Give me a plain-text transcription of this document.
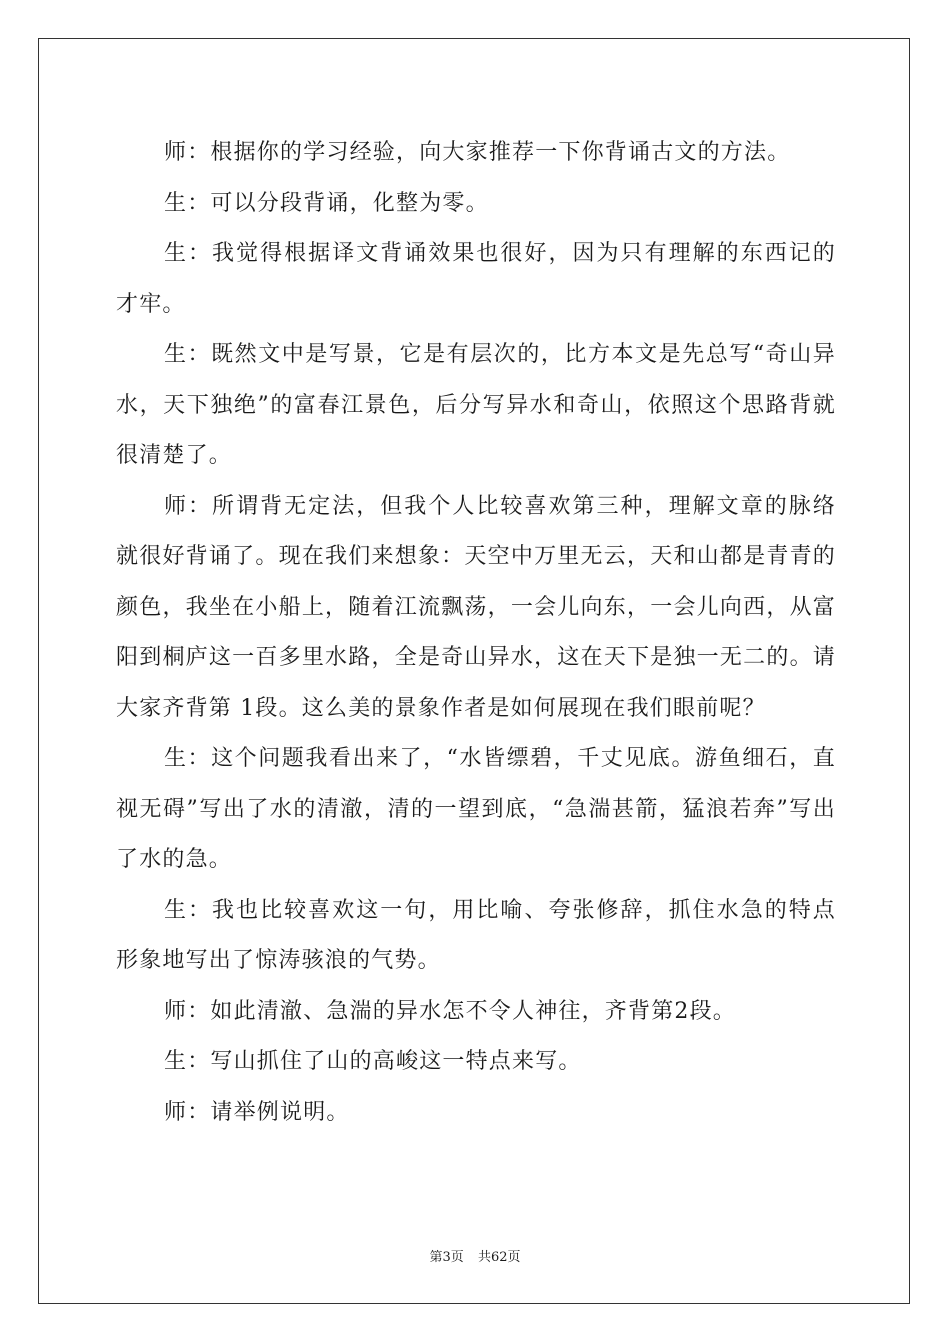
师：根据你的学习经验，向大家推荐一下你背诵古文的方法。

生：可以分段背诵，化整为零。

生：我觉得根据译文背诵效果也很好，因为只有理解的东西记的才牢。

生：既然文中是写景，它是有层次的，比方本文是先总写“奇山异水，天下独绝”的富春江景色，后分写异水和奇山，依照这个思路背就很清楚了。

师：所谓背无定法，但我个人比较喜欢第三种，理解文章的脉络就很好背诵了。现在我们来想象：天空中万里无云，天和山都是青青的颜色，我坐在小船上，随着江流飘荡，一会儿向东，一会儿向西，从富阳到桐庐这一百多里水路，全是奇山异水，这在天下是独一无二的。请大家齐背第 1段。这么美的景象作者是如何展现在我们眼前呢？

生：这个问题我看出来了，“水皆缥碧，千丈见底。游鱼细石，直视无碍”写出了水的清澈，清的一望到底，“急湍甚箭，猛浪若奔”写出了水的急。

生：我也比较喜欢这一句，用比喻、夸张修辞，抓住水急的特点形象地写出了惊涛骇浪的气势。

师：如此清澈、急湍的异水怎不令人神往，齐背第2段。

生：写山抓住了山的高峻这一特点来写。

师：请举例说明。

第3页 共62页
